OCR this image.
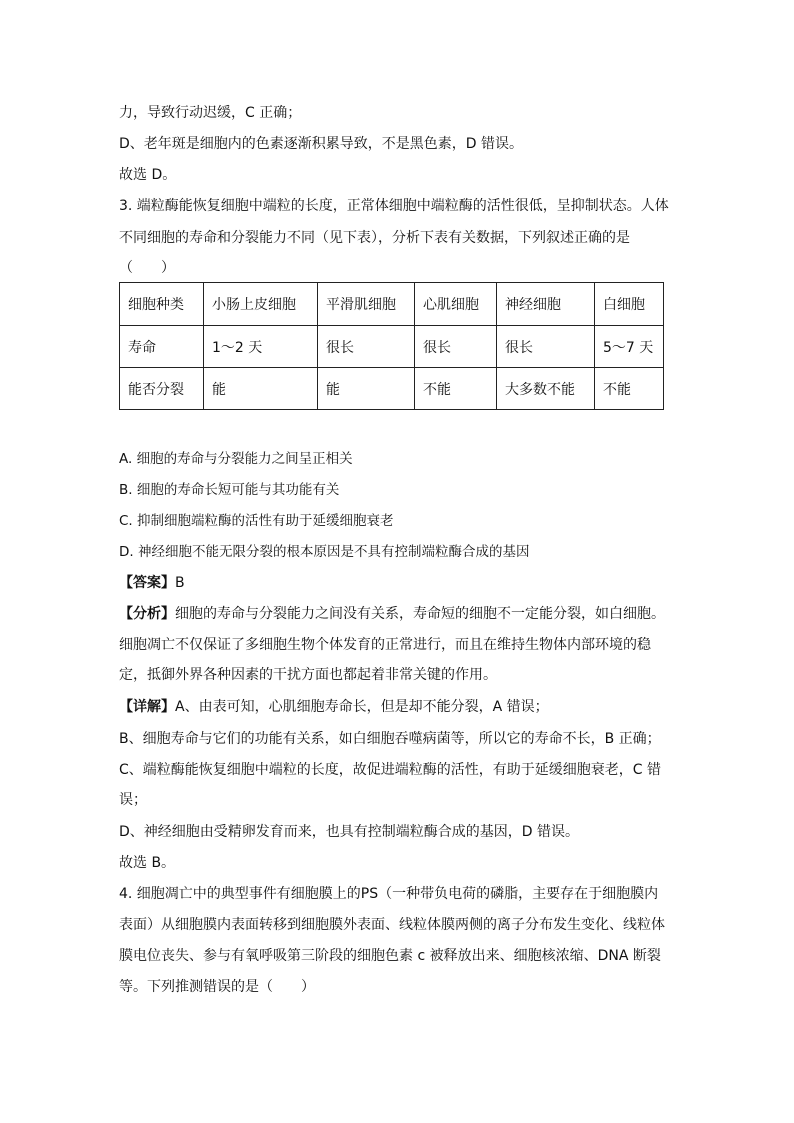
力，导致行动迟缓，C 正确；
D、老年斑是细胞内的色素逐渐积累导致，不是黑色素，D 错误。
故选 D。
3. 端粒酶能恢复细胞中端粒的长度，正常体细胞中端粒酶的活性很低，呈抑制状态。人体
不同细胞的寿命和分裂能力不同（见下表），分析下表有关数据，下列叙述正确的是
（　　）
细胞种类	小肠上皮细胞	平滑肌细胞	心肌细胞	神经细胞	白细胞
寿命	1～2 天	很长	很长	很长	5～7 天
能否分裂	能	能	不能	大多数不能	不能
A. 细胞的寿命与分裂能力之间呈正相关
B. 细胞的寿命长短可能与其功能有关
C. 抑制细胞端粒酶的活性有助于延缓细胞衰老
D. 神经细胞不能无限分裂的根本原因是不具有控制端粒酶合成的基因
【答案】B
【分析】细胞的寿命与分裂能力之间没有关系，寿命短的细胞不一定能分裂，如白细胞。
细胞凋亡不仅保证了多细胞生物个体发育的正常进行，而且在维持生物体内部环境的稳
定，抵御外界各种因素的干扰方面也都起着非常关键的作用。
【详解】A、由表可知，心肌细胞寿命长，但是却不能分裂，A 错误；
B、细胞寿命与它们的功能有关系，如白细胞吞噬病菌等，所以它的寿命不长，B 正确；
C、端粒酶能恢复细胞中端粒的长度，故促进端粒酶的活性，有助于延缓细胞衰老，C 错
误；
D、神经细胞由受精卵发育而来，也具有控制端粒酶合成的基因，D 错误。
故选 B。
4. 细胞凋亡中的典型事件有细胞膜上的PS（一种带负电荷的磷脂，主要存在于细胞膜内
表面）从细胞膜内表面转移到细胞膜外表面、线粒体膜两侧的离子分布发生变化、线粒体
膜电位丧失、参与有氧呼吸第三阶段的细胞色素 c 被释放出来、细胞核浓缩、DNA 断裂
等。下列推测错误的是（　　）
